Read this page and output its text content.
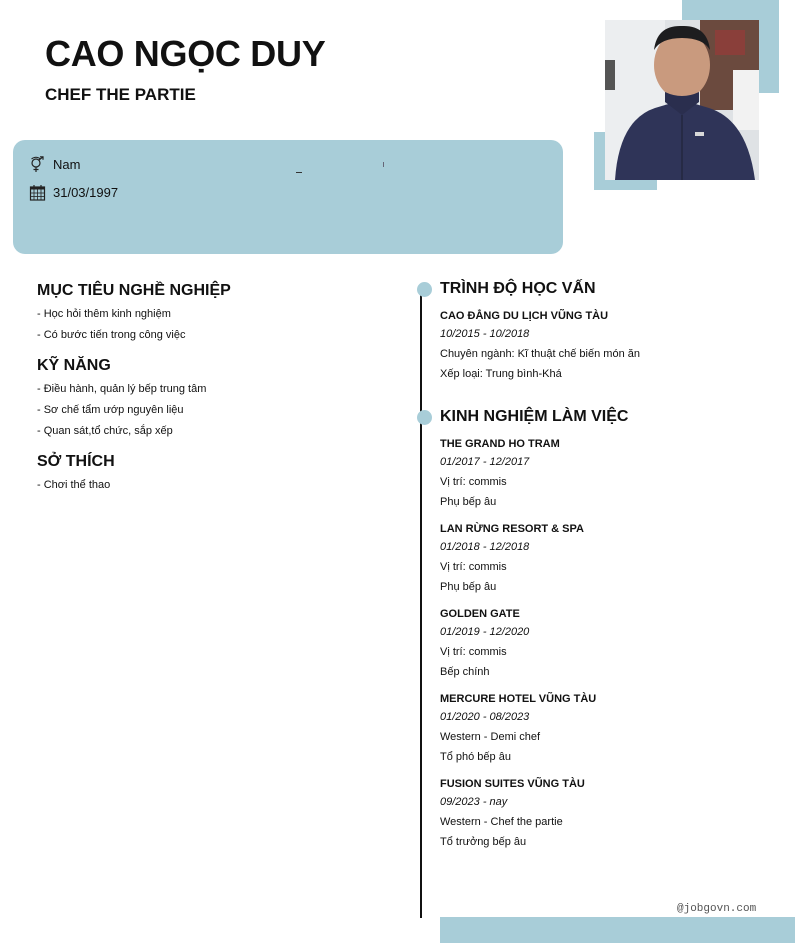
CAO NGỌC DUY
CHEF THE PARTIE
Nam
31/03/1997
MỤC TIÊU NGHỀ NGHIỆP
- Học hỏi thêm kinh nghiệm
- Có bước tiến trong công việc
KỸ NĂNG
- Điều hành, quản lý bếp trung tâm
- Sơ chế tẩm ướp nguyên liệu
- Quan sát,tổ chức, sắp xếp
SỞ THÍCH
- Chơi thể thao
TRÌNH ĐỘ HỌC VẤN
CAO ĐẲNG DU LỊCH VŨNG TÀU
10/2015 - 10/2018
Chuyên ngành: Kĩ thuật chế biến món ăn
Xếp loại: Trung bình-Khá
KINH NGHIỆM LÀM VIỆC
THE GRAND HO TRAM
01/2017 - 12/2017
Vị trí: commis
Phụ bếp âu
LAN RỪNG RESORT & SPA
01/2018 - 12/2018
Vị trí: commis
Phụ bếp âu
GOLDEN GATE
01/2019 - 12/2020
Vị trí: commis
Bếp chính
MERCURE HOTEL VŨNG TÀU
01/2020 - 08/2023
Western - Demi chef
Tổ phó bếp âu
FUSION SUITES VŨNG TÀU
09/2023 - nay
Western - Chef the partie
Tổ trưởng bếp âu
@jobgovn.com
